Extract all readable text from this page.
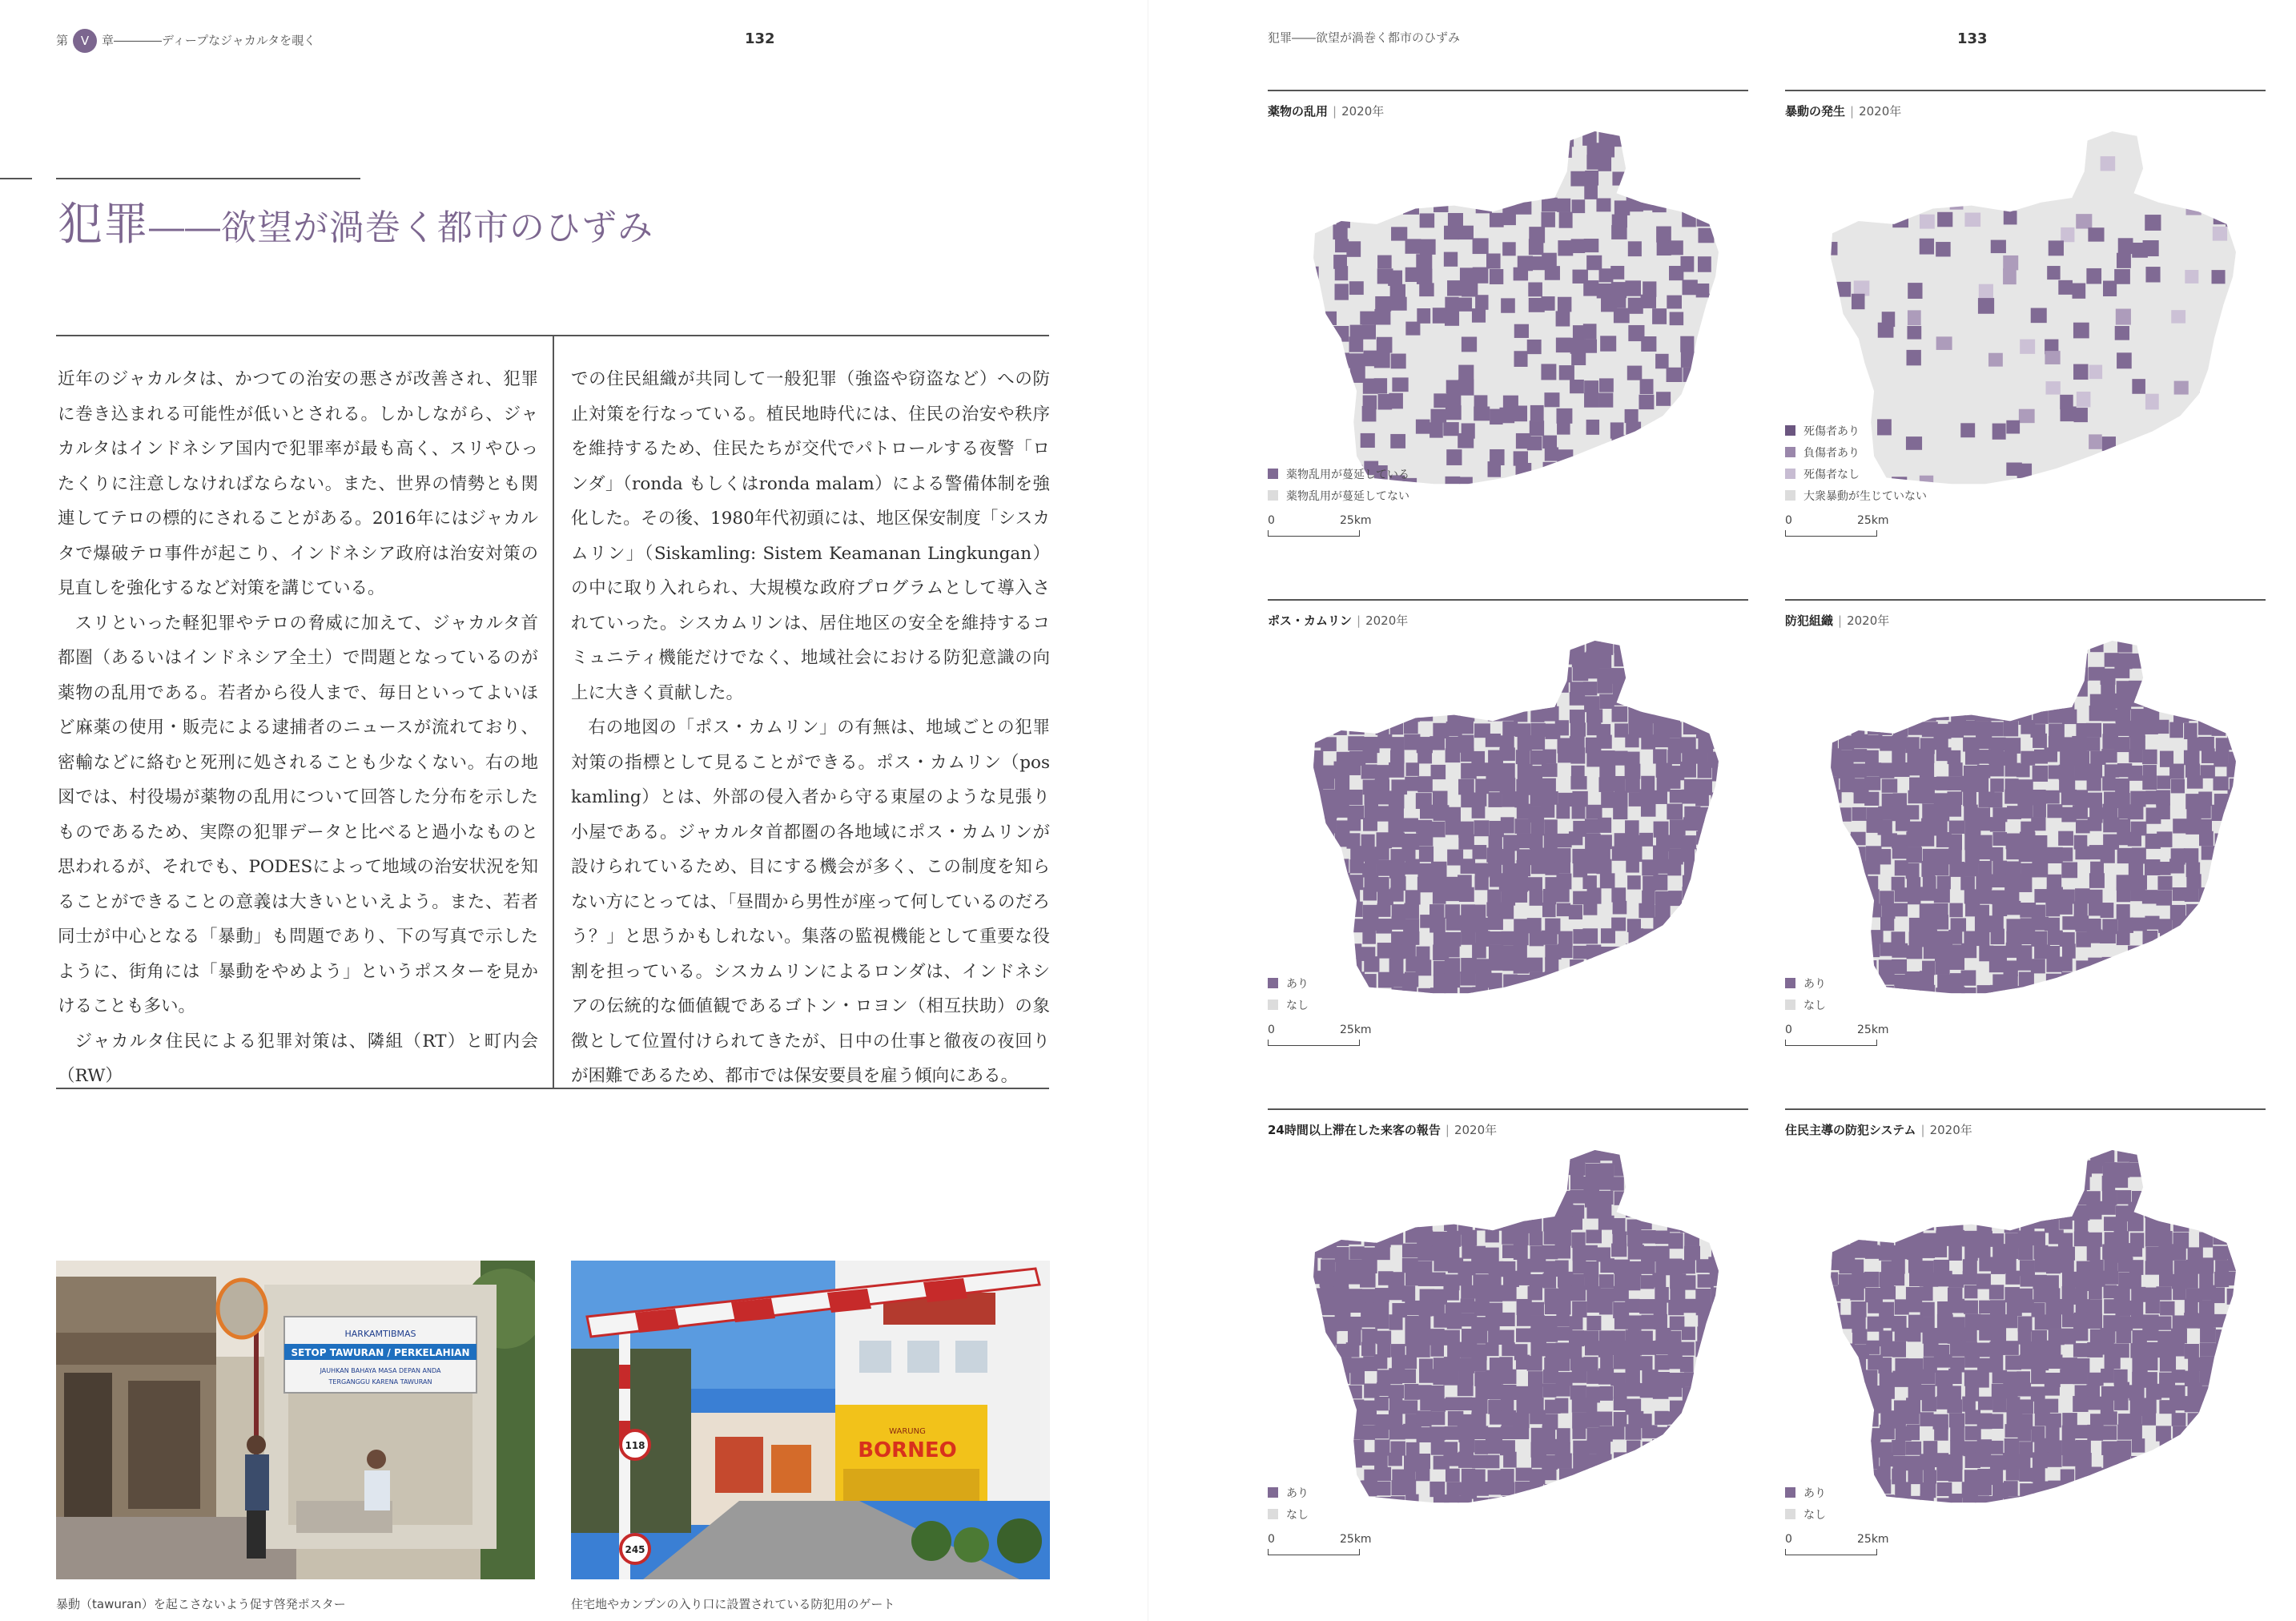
第 V 章――――ディープなジャカルタを覗く	132
犯罪――欲望が渦巻く都市のひずみ

近年のジャカルタは、かつての治安の悪さが改善され、犯罪に巻き込まれる可能性が低いとされる。しかしながら、ジャカルタはインドネシア国内で犯罪率が最も高く、スリやひったくりに注意しなければならない。また、世界の情勢とも関連してテロの標的にされることがある。2016年にはジャカルタで爆破テロ事件が起こり、インドネシア政府は治安対策の見直しを強化するなど対策を講じている。

スリといった軽犯罪やテロの脅威に加えて、ジャカルタ首都圏（あるいはインドネシア全土）で問題となっているのが薬物の乱用である。若者から役人まで、毎日といってよいほど麻薬の使用・販売による逮捕者のニュースが流れており、密輸などに絡むと死刑に処されることも少なくない。右の地図では、村役場が薬物の乱用について回答した分布を示したものであるため、実際の犯罪データと比べると過小なものと思われるが、それでも、PODESによって地域の治安状況を知ることができることの意義は大きいといえよう。また、若者同士が中心となる「暴動」も問題であり、下の写真で示したように、街角には「暴動をやめよう」というポスターを見かけることも多い。

ジャカルタ住民による犯罪対策は、隣組（RT）と町内会（RW）

での住民組織が共同して一般犯罪（強盗や窃盗など）への防止対策を行なっている。植民地時代には、住民の治安や秩序を維持するため、住民たちが交代でパトロールする夜警「ロンダ」（ronda もしくはronda malam）による警備体制を強化した。その後、1980年代初頭には、地区保安制度「シスカムリン」（Siskamling: Sistem Keamanan Lingkungan）の中に取り入れられ、大規模な政府プログラムとして導入されていった。シスカムリンは、居住地区の安全を維持するコミュニティ機能だけでなく、地域社会における防犯意識の向上に大きく貢献した。

右の地図の「ポス・カムリン」の有無は、地域ごとの犯罪対策の指標として見ることができる。ポス・カムリン（pos kamling）とは、外部の侵入者から守る東屋のような見張り小屋である。ジャカルタ首都圏の各地域にポス・カムリンが設けられているため、目にする機会が多く、この制度を知らない方にとっては、「昼間から男性が座って何しているのだろう？」と思うかもしれない。集落の監視機能として重要な役割を担っている。シスカムリンによるロンダは、インドネシアの伝統的な価値観であるゴトン・ロヨン（相互扶助）の象徴として位置付けられてきたが、日中の仕事と徹夜の夜回りが困難であるため、都市では保安要員を雇う傾向にある。

HARKAMTIBMAS
SETOP TAWURAN / PERKELAHIAN
JAUHKAN BAHAYA MASA DEPAN ANDA
TERGANGGU KARENA TAWURAN
暴動（tawuran）を起こさないよう促す啓発ポスター
WARUNG
BORNEO
118
245
住宅地やカンプンの入り口に設置されている防犯用のゲート
犯罪――欲望が渦巻く都市のひずみ	133
薬物の乱用 | 2020年
薬物乱用が蔓延している
薬物乱用が蔓延してない
0	25km
暴動の発生 | 2020年
死傷者あり
負傷者あり
死傷者なし
大衆暴動が生じていない
0	25km
ポス・カムリン | 2020年
あり
なし
0	25km
防犯組織 | 2020年
あり
なし
0	25km
24時間以上滞在した来客の報告 | 2020年
あり
なし
0	25km
住民主導の防犯システム | 2020年
あり
なし
0	25km
